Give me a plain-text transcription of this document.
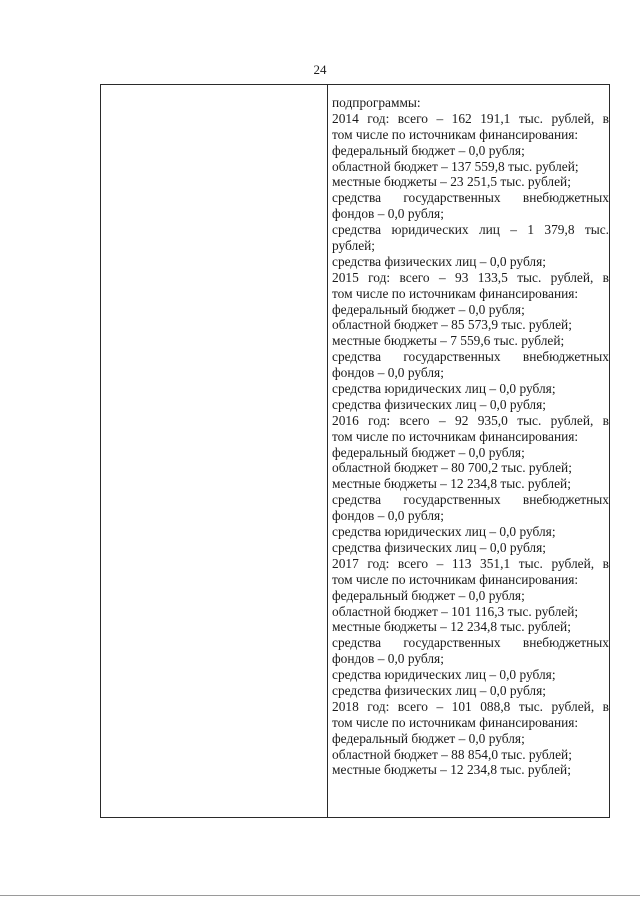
24
подпрограммы:
2014 год: всего – 162 191,1 тыс. рублей, в
том числе по источникам финансирования:
федеральный бюджет – 0,0 рубля;
областной бюджет – 137 559,8 тыс. рублей;
местные бюджеты – 23 251,5 тыс. рублей;
средства государственных внебюджетных
фондов – 0,0 рубля;
средства юридических лиц – 1 379,8 тыс.
рублей;
средства физических лиц – 0,0 рубля;
2015 год: всего – 93 133,5 тыс. рублей, в
том числе по источникам финансирования:
федеральный бюджет – 0,0 рубля;
областной бюджет – 85 573,9 тыс. рублей;
местные бюджеты – 7 559,6 тыс. рублей;
средства государственных внебюджетных
фондов – 0,0 рубля;
средства юридических лиц – 0,0 рубля;
средства физических лиц – 0,0 рубля;
2016 год: всего – 92 935,0 тыс. рублей, в
том числе по источникам финансирования:
федеральный бюджет – 0,0 рубля;
областной бюджет – 80 700,2 тыс. рублей;
местные бюджеты – 12 234,8 тыс. рублей;
средства государственных внебюджетных
фондов – 0,0 рубля;
средства юридических лиц – 0,0 рубля;
средства физических лиц – 0,0 рубля;
2017 год: всего – 113 351,1 тыс. рублей, в
том числе по источникам финансирования:
федеральный бюджет – 0,0 рубля;
областной бюджет – 101 116,3 тыс. рублей;
местные бюджеты – 12 234,8 тыс. рублей;
средства государственных внебюджетных
фондов – 0,0 рубля;
средства юридических лиц – 0,0 рубля;
средства физических лиц – 0,0 рубля;
2018 год: всего – 101 088,8 тыс. рублей, в
том числе по источникам финансирования:
федеральный бюджет – 0,0 рубля;
областной бюджет – 88 854,0 тыс. рублей;
местные бюджеты – 12 234,8 тыс. рублей;
